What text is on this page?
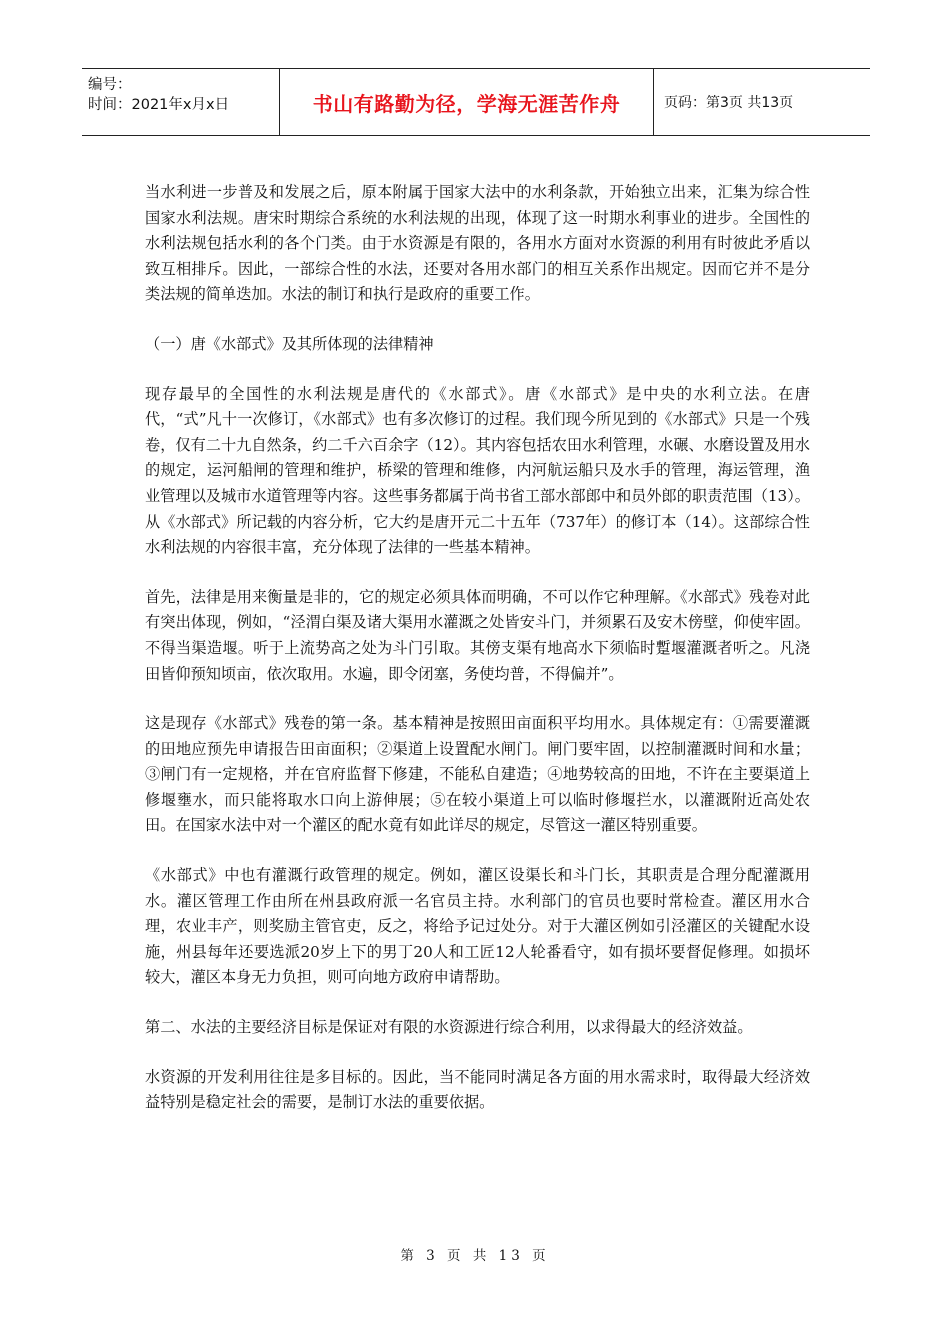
编号：
时间：2021年x月x日	书山有路勤为径，学海无涯苦作舟	页码：第3页 共13页

当水利进一步普及和发展之后，原本附属于国家大法中的水利条款，开始独立出来，汇集为综合性国家水利法规。唐宋时期综合系统的水利法规的出现，体现了这一时期水利事业的进步。全国性的水利法规包括水利的各个门类。由于水资源是有限的，各用水方面对水资源的利用有时彼此矛盾以致互相排斥。因此，一部综合性的水法，还要对各用水部门的相互关系作出规定。因而它并不是分类法规的简单迭加。水法的制订和执行是政府的重要工作。

（一）唐《水部式》及其所体现的法律精神

现存最早的全国性的水利法规是唐代的《水部式》。唐《水部式》是中央的水利立法。在唐代，“式”凡十一次修订，《水部式》也有多次修订的过程。我们现今所见到的《水部式》只是一个残卷，仅有二十九自然条，约二千六百余字（12）。其内容包括农田水利管理，水碾、水磨设置及用水的规定，运河船闸的管理和维护，桥梁的管理和维修，内河航运船只及水手的管理，海运管理，渔业管理以及城市水道管理等内容。这些事务都属于尚书省工部水部郎中和员外郎的职责范围（13）。从《水部式》所记载的内容分析，它大约是唐开元二十五年（737年）的修订本（14）。这部综合性水利法规的内容很丰富，充分体现了法律的一些基本精神。

首先，法律是用来衡量是非的，它的规定必须具体而明确，不可以作它种理解。《水部式》残卷对此有突出体现，例如，“泾渭白渠及诸大渠用水灌溉之处皆安斗门，并须累石及安木傍壁，仰使牢固。不得当渠造堰。听于上流势高之处为斗门引取。其傍支渠有地高水下须临时蹔堰灌溉者听之。凡浇田皆仰预知顷亩，依次取用。水遍，即令闭塞，务使均普，不得偏并”。

这是现存《水部式》残卷的第一条。基本精神是按照田亩面积平均用水。具体规定有：①需要灌溉的田地应预先申请报告田亩面积；②渠道上设置配水闸门。闸门要牢固，以控制灌溉时间和水量；③闸门有一定规格，并在官府监督下修建，不能私自建造；④地势较高的田地，不许在主要渠道上修堰壅水，而只能将取水口向上游伸展；⑤在较小渠道上可以临时修堰拦水，以灌溉附近高处农田。在国家水法中对一个灌区的配水竟有如此详尽的规定，尽管这一灌区特别重要。

《水部式》中也有灌溉行政管理的规定。例如，灌区设渠长和斗门长，其职责是合理分配灌溉用水。灌区管理工作由所在州县政府派一名官员主持。水利部门的官员也要时常检查。灌区用水合理，农业丰产，则奖励主管官吏，反之，将给予记过处分。对于大灌区例如引泾灌区的关键配水设施，州县每年还要选派20岁上下的男丁20人和工匠12人轮番看守，如有损坏要督促修理。如损坏较大，灌区本身无力负担，则可向地方政府申请帮助。

第二、水法的主要经济目标是保证对有限的水资源进行综合利用，以求得最大的经济效益。

水资源的开发利用往往是多目标的。因此，当不能同时满足各方面的用水需求时，取得最大经济效益特别是稳定社会的需要，是制订水法的重要依据。

第 3 页 共 13 页
